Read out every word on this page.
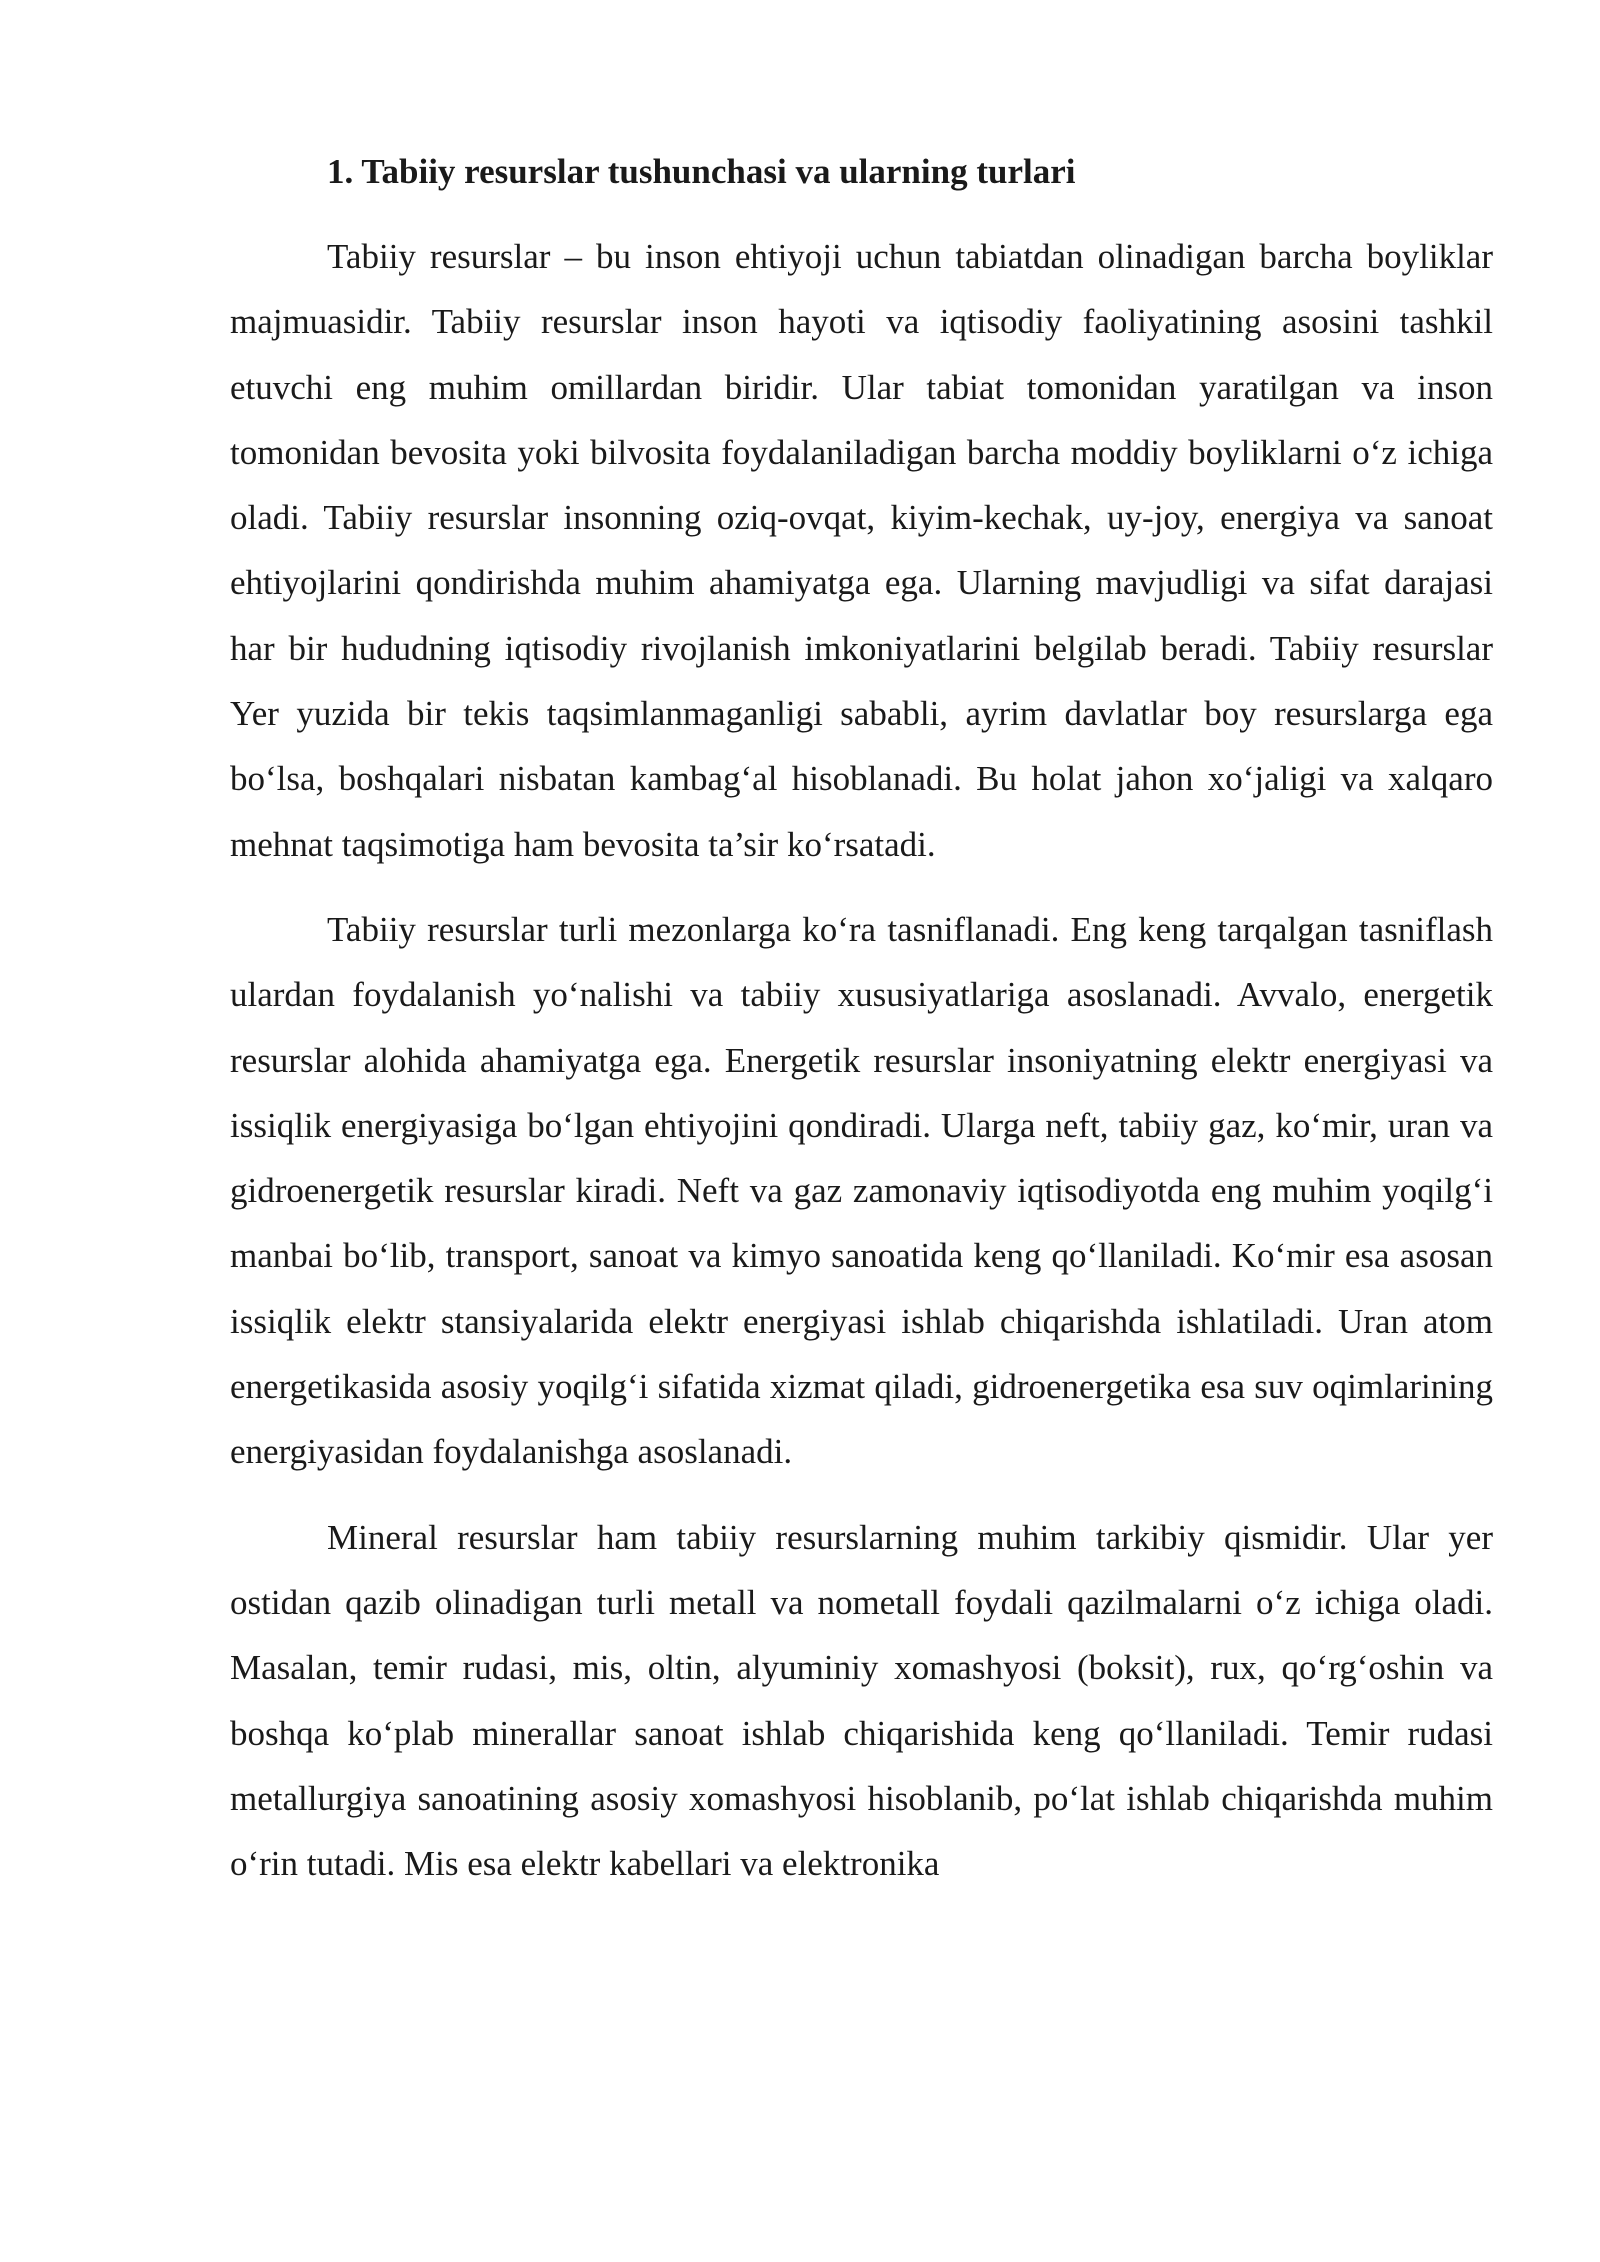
1. Tabiiy resurslar tushunchasi va ularning turlari

Tabiiy resurslar – bu inson ehtiyoji uchun tabiatdan olinadigan barcha boyliklar majmuasidir. Tabiiy resurslar inson hayoti va iqtisodiy faoliyatining asosini tashkil etuvchi eng muhim omillardan biridir. Ular tabiat tomonidan yaratilgan va inson tomonidan bevosita yoki bilvosita foydalaniladigan barcha moddiy boyliklarni o‘z ichiga oladi. Tabiiy resurslar insonning oziq-ovqat, kiyim-kechak, uy-joy, energiya va sanoat ehtiyojlarini qondirishda muhim ahamiyatga ega. Ularning mavjudligi va sifat darajasi har bir hududning iqtisodiy rivojlanish imkoniyatlarini belgilab beradi. Tabiiy resurslar Yer yuzida bir tekis taqsimlanmaganligi sababli, ayrim davlatlar boy resurslarga ega bo‘lsa, boshqalari nisbatan kambag‘al hisoblanadi. Bu holat jahon xo‘jaligi va xalqaro mehnat taqsimotiga ham bevosita ta’sir ko‘rsatadi.

Tabiiy resurslar turli mezonlarga ko‘ra tasniflanadi. Eng keng tarqalgan tasniflash ulardan foydalanish yo‘nalishi va tabiiy xususiyatlariga asoslanadi. Avvalo, energetik resurslar alohida ahamiyatga ega. Energetik resurslar insoniyatning elektr energiyasi va issiqlik energiyasiga bo‘lgan ehtiyojini qondiradi. Ularga neft, tabiiy gaz, ko‘mir, uran va gidroenergetik resurslar kiradi. Neft va gaz zamonaviy iqtisodiyotda eng muhim yoqilg‘i manbai bo‘lib, transport, sanoat va kimyo sanoatida keng qo‘llaniladi. Ko‘mir esa asosan issiqlik elektr stansiyalarida elektr energiyasi ishlab chiqarishda ishlatiladi. Uran atom energetikasida asosiy yoqilg‘i sifatida xizmat qiladi, gidroenergetika esa suv oqimlarining energiyasidan foydalanishga asoslanadi.

Mineral resurslar ham tabiiy resurslarning muhim tarkibiy qismidir. Ular yer ostidan qazib olinadigan turli metall va nometall foydali qazilmalarni o‘z ichiga oladi. Masalan, temir rudasi, mis, oltin, alyuminiy xomashyosi (boksit), rux, qo‘rg‘oshin va boshqa ko‘plab minerallar sanoat ishlab chiqarishida keng qo‘llaniladi. Temir rudasi metallurgiya sanoatining asosiy xomashyosi hisoblanib, po‘lat ishlab chiqarishda muhim o‘rin tutadi. Mis esa elektr kabellari va elektronika
